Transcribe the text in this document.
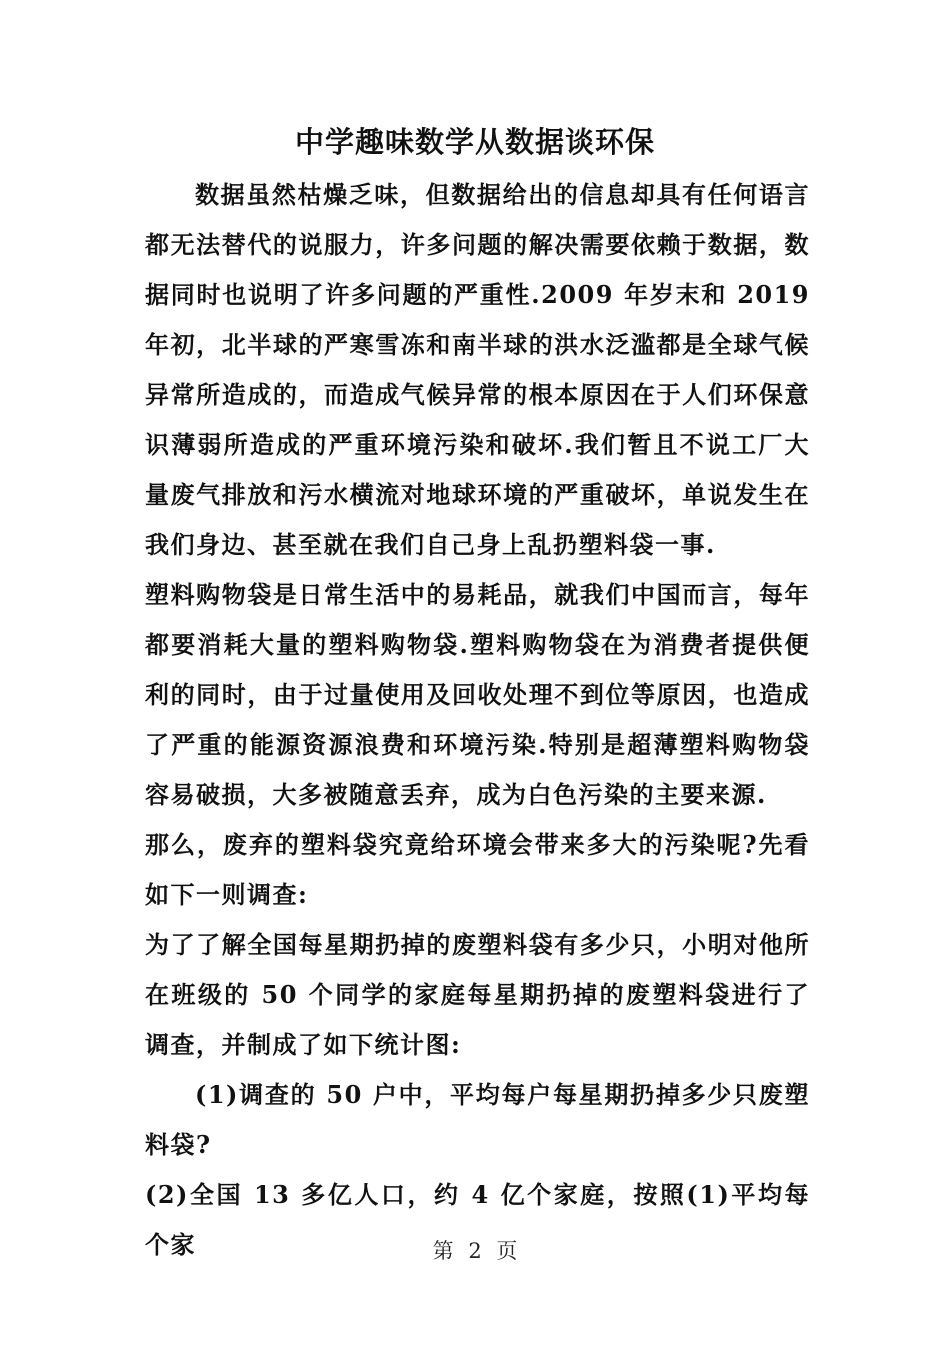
中学趣味数学从数据谈环保

数据虽然枯燥乏味，但数据给出的信息却具有任何语言都无法替代的说服力，许多问题的解决需要依赖于数据，数据同时也说明了许多问题的严重性.2009 年岁末和 2019 年初，北半球的严寒雪冻和南半球的洪水泛滥都是全球气候异常所造成的，而造成气候异常的根本原因在于人们环保意识薄弱所造成的严重环境污染和破坏.我们暂且不说工厂大量废气排放和污水横流对地球环境的严重破坏，单说发生在我们身边、甚至就在我们自己身上乱扔塑料袋一事.

塑料购物袋是日常生活中的易耗品，就我们中国而言，每年都要消耗大量的塑料购物袋.塑料购物袋在为消费者提供便利的同时，由于过量使用及回收处理不到位等原因，也造成了严重的能源资源浪费和环境污染.特别是超薄塑料购物袋容易破损，大多被随意丢弃，成为白色污染的主要来源.

那么，废弃的塑料袋究竟给环境会带来多大的污染呢?先看如下一则调查:

为了了解全国每星期扔掉的废塑料袋有多少只，小明对他所在班级的 50 个同学的家庭每星期扔掉的废塑料袋进行了调查，并制成了如下统计图:

(1)调查的 50 户中，平均每户每星期扔掉多少只废塑料袋?

(2)全国 13 多亿人口，约 4 亿个家庭，按照(1)平均每个家	第 2 页
